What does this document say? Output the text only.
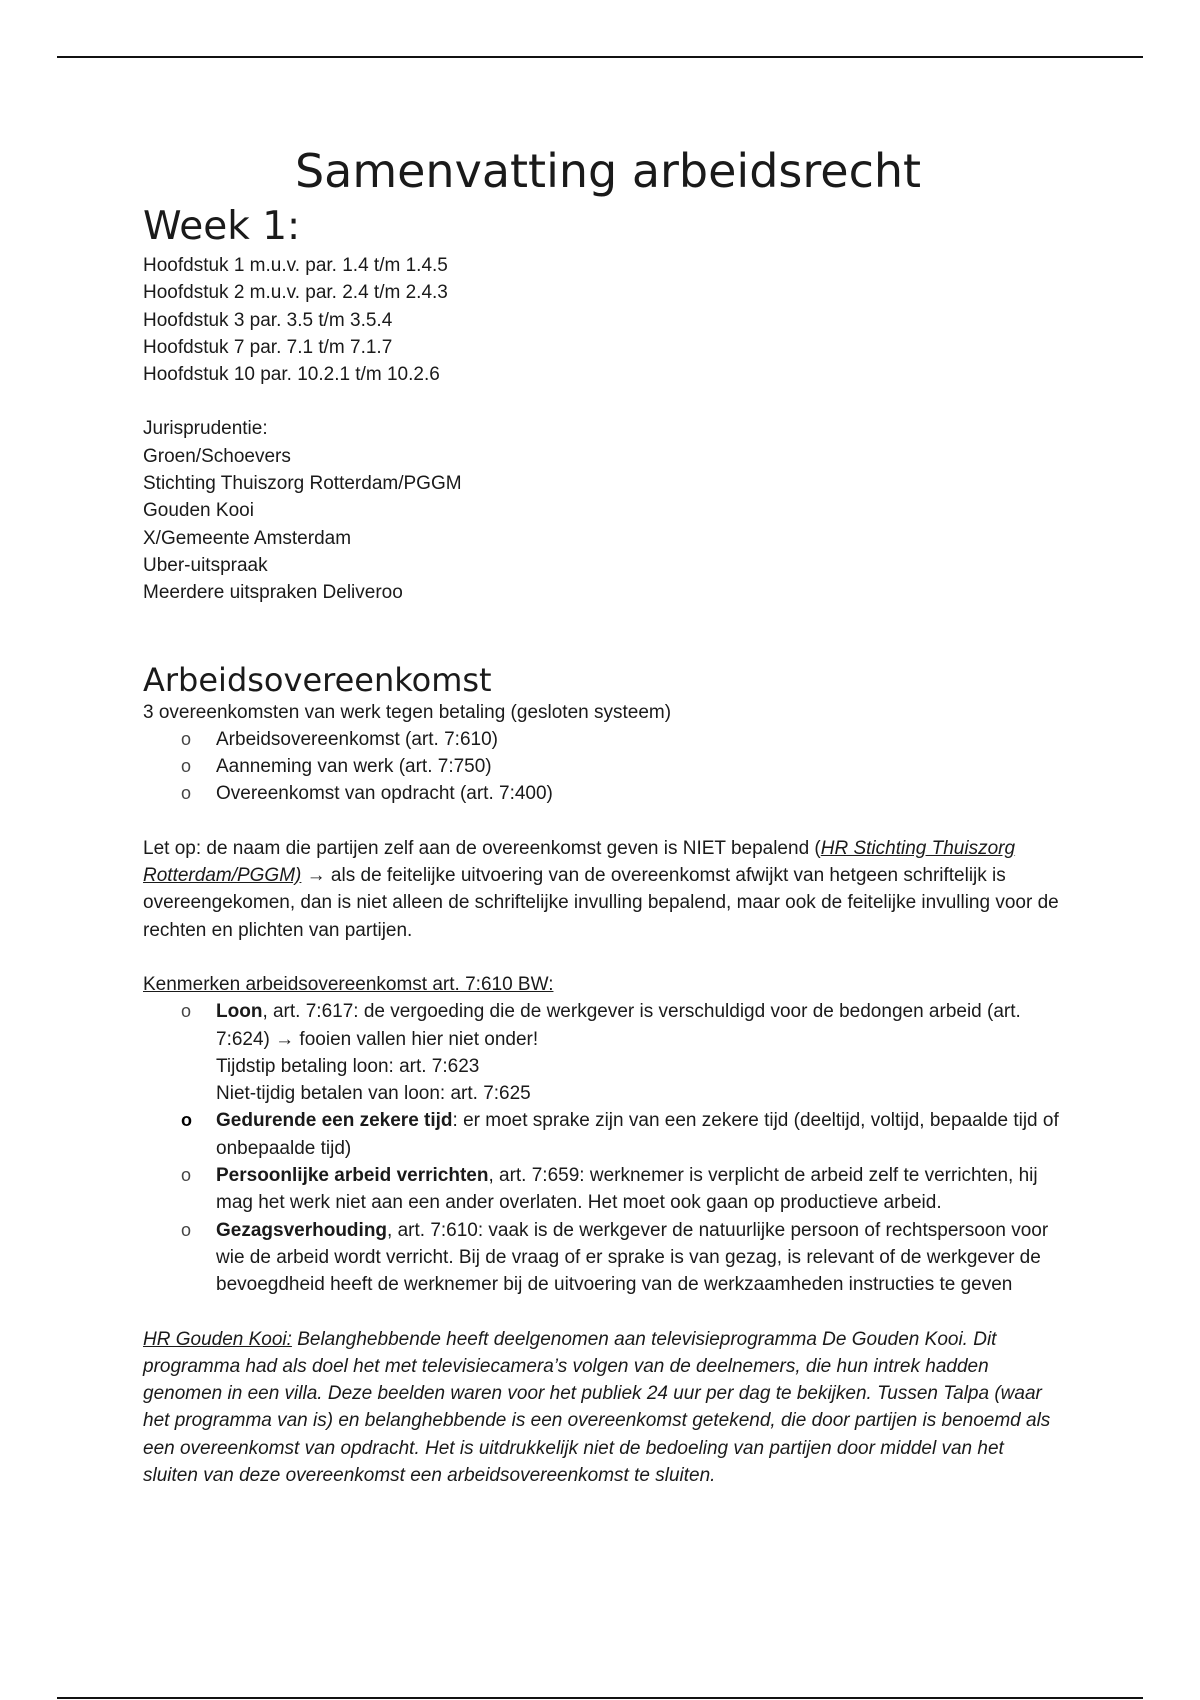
Samenvatting arbeidsrecht
Week 1:

Hoofdstuk 1 m.u.v. par. 1.4 t/m 1.4.5

Hoofdstuk 2 m.u.v. par. 2.4 t/m 2.4.3

Hoofdstuk 3 par. 3.5 t/m 3.5.4

Hoofdstuk 7 par. 7.1 t/m 7.1.7

Hoofdstuk 10 par. 10.2.1 t/m 10.2.6

Jurisprudentie:

Groen/Schoevers

Stichting Thuiszorg Rotterdam/PGGM

Gouden Kooi

X/Gemeente Amsterdam

Uber-uitspraak

Meerdere uitspraken Deliveroo

Arbeidsovereenkomst

3 overeenkomsten van werk tegen betaling (gesloten systeem)

o Arbeidsovereenkomst (art. 7:610)
o Aanneming van werk (art. 7:750)
o Overeenkomst van opdracht (art. 7:400)

Let op: de naam die partijen zelf aan de overeenkomst geven is NIET bepalend (HR Stichting Thuiszorg Rotterdam/PGGM) → als de feitelijke uitvoering van de overeenkomst afwijkt van hetgeen schriftelijk is overeengekomen, dan is niet alleen de schriftelijke invulling bepalend, maar ook de feitelijke invulling voor de rechten en plichten van partijen.

Kenmerken arbeidsovereenkomst art. 7:610 BW:

o Loon, art. 7:617: de vergoeding die de werkgever is verschuldigd voor de bedongen arbeid (art. 7:624) → fooien vallen hier niet onder!
Tijdstip betaling loon: art. 7:623
Niet-tijdig betalen van loon: art. 7:625
o Gedurende een zekere tijd: er moet sprake zijn van een zekere tijd (deeltijd, voltijd, bepaalde tijd of onbepaalde tijd)
o Persoonlijke arbeid verrichten, art. 7:659: werknemer is verplicht de arbeid zelf te verrichten, hij mag het werk niet aan een ander overlaten. Het moet ook gaan op productieve arbeid.
o Gezagsverhouding, art. 7:610: vaak is de werkgever de natuurlijke persoon of rechtspersoon voor wie de arbeid wordt verricht. Bij de vraag of er sprake is van gezag, is relevant of de werkgever de bevoegdheid heeft de werknemer bij de uitvoering van de werkzaamheden instructies te geven

HR Gouden Kooi: Belanghebbende heeft deelgenomen aan televisieprogramma De Gouden Kooi. Dit programma had als doel het met televisiecamera’s volgen van de deelnemers, die hun intrek hadden genomen in een villa. Deze beelden waren voor het publiek 24 uur per dag te bekijken. Tussen Talpa (waar het programma van is) en belanghebbende is een overeenkomst getekend, die door partijen is benoemd als een overeenkomst van opdracht. Het is uitdrukkelijk niet de bedoeling van partijen door middel van het sluiten van deze overeenkomst een arbeidsovereenkomst te sluiten.
